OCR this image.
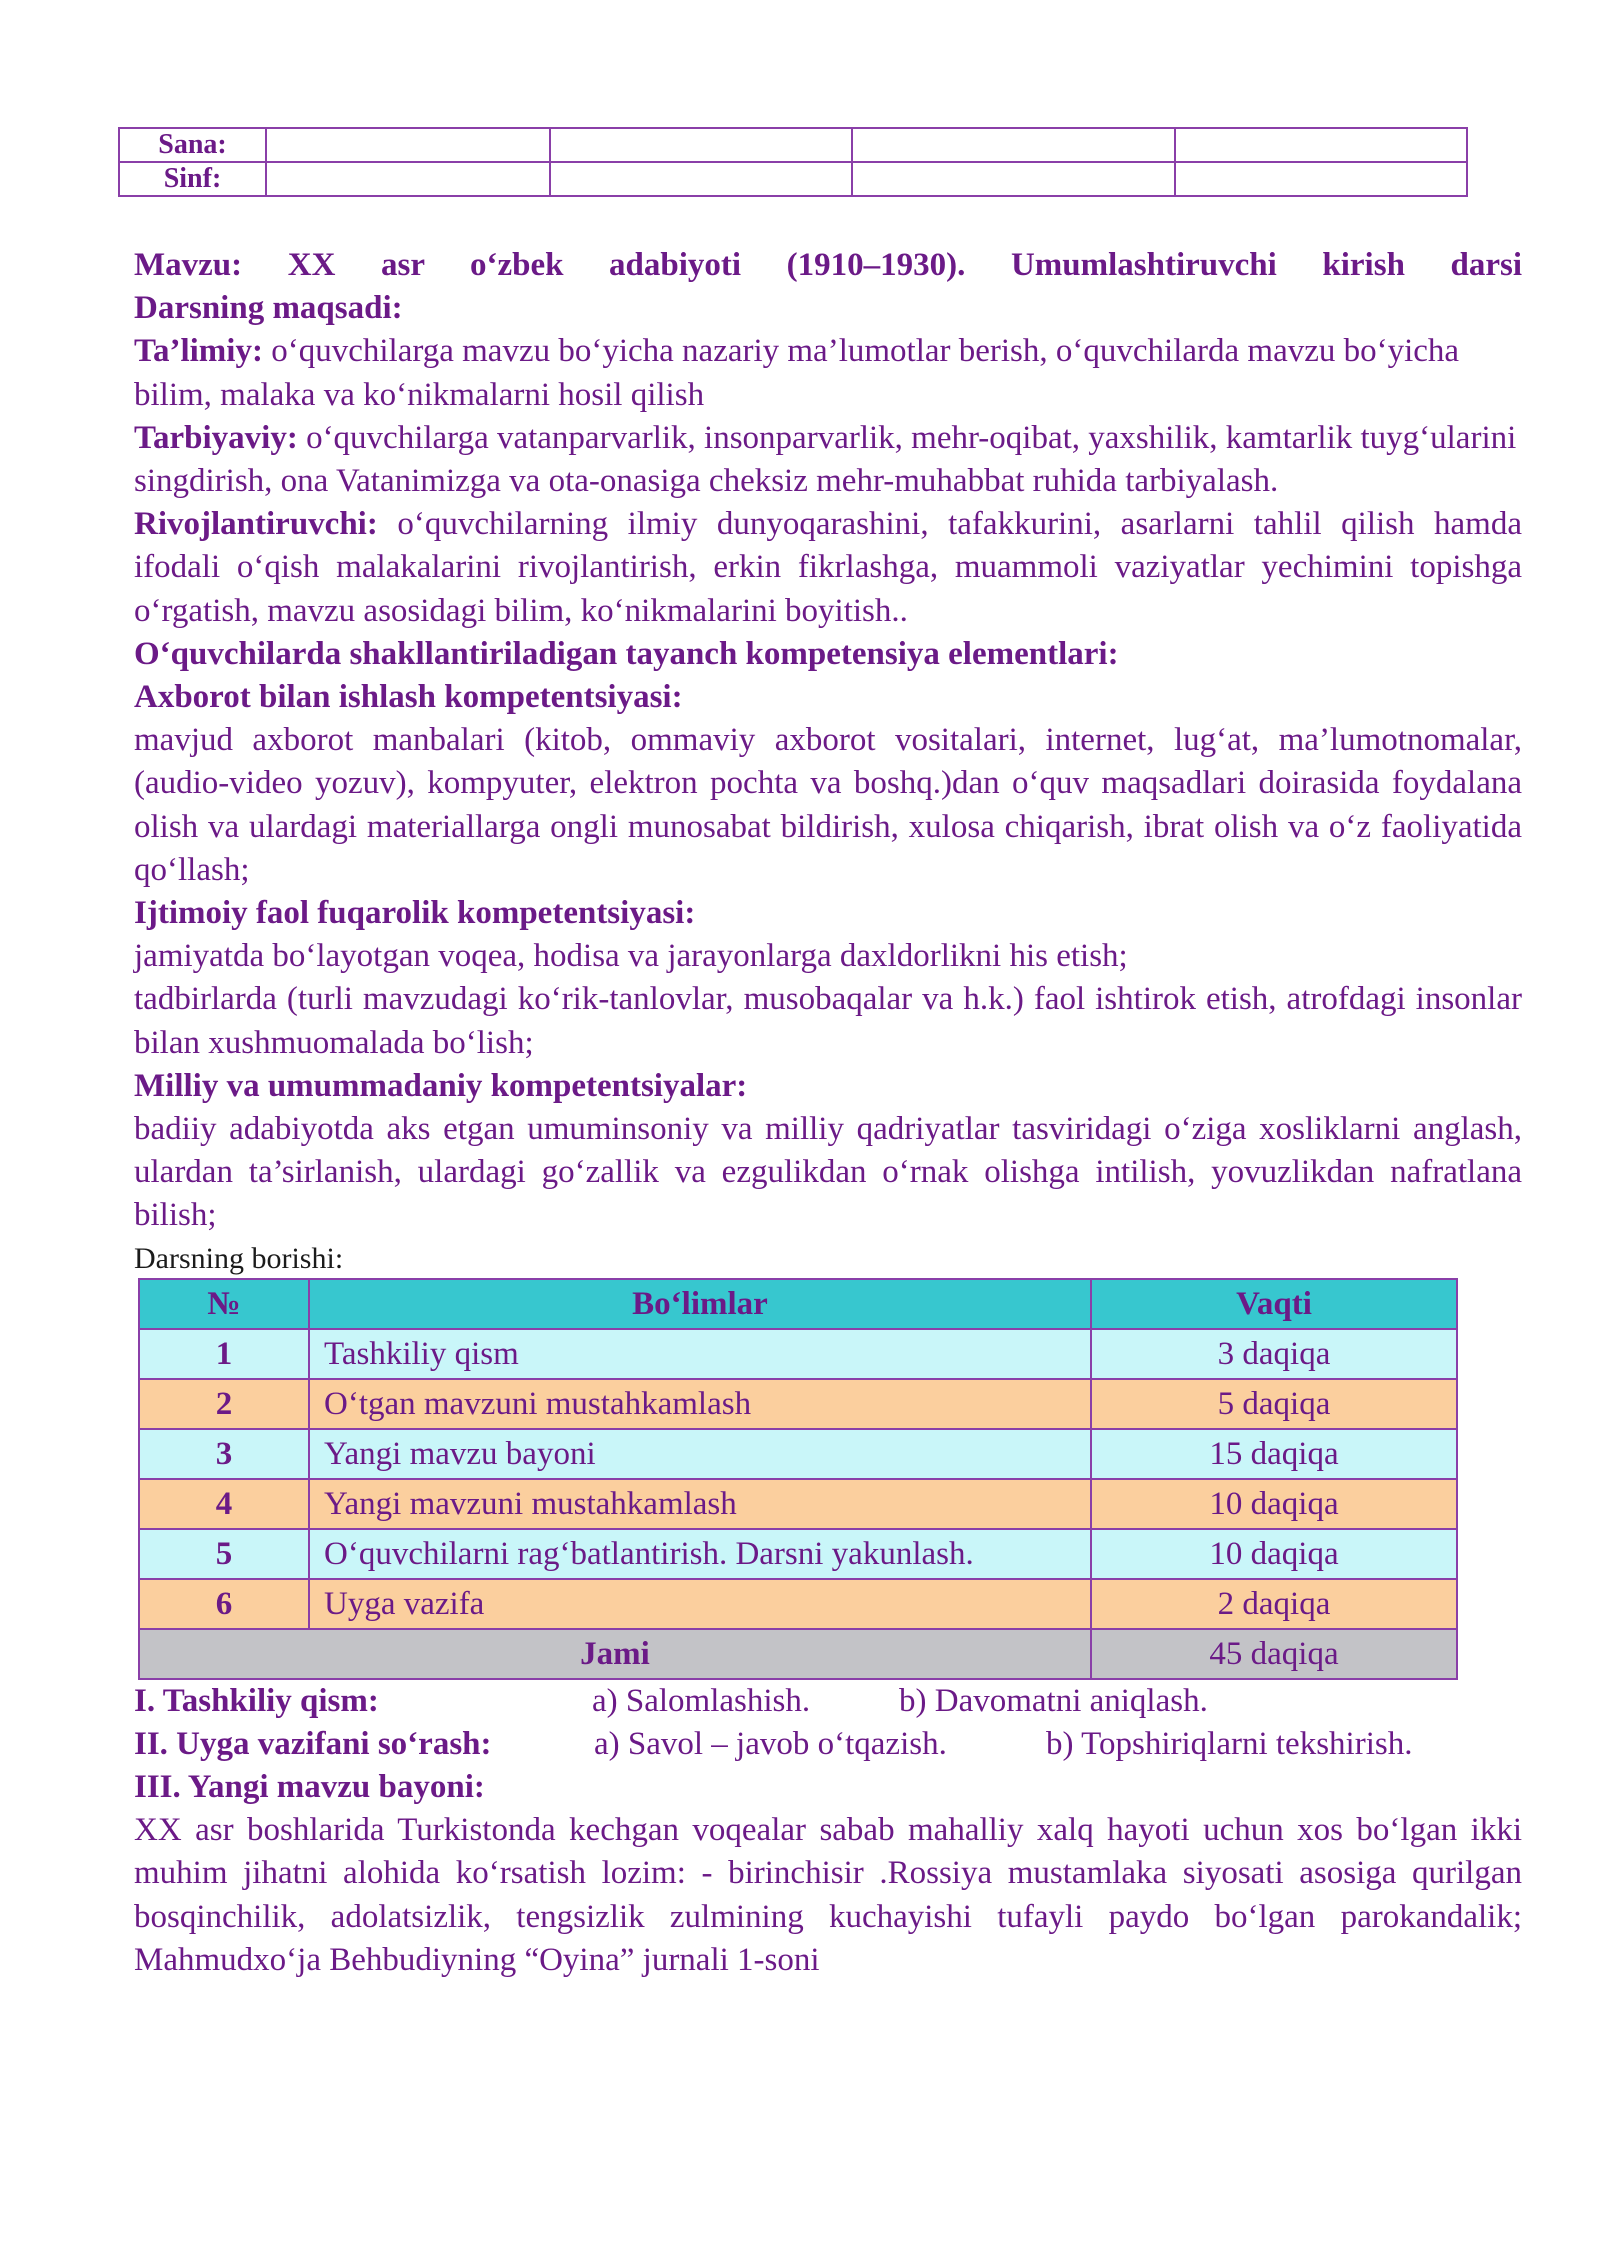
Sana:				
Sinf:				

Mavzu: XX asr o‘zbek adabiyoti (1910–1930). Umumlashtiruvchi kirish darsi

Darsning maqsadi:

Ta’limiy: o‘quvchilarga mavzu bo‘yicha nazariy ma’lumotlar berish, o‘quvchilarda mavzu bo‘yicha bilim, malaka va ko‘nikmalarni hosil qilish

Tarbiyaviy: o‘quvchilarga vatanparvarlik, insonparvarlik, mehr-oqibat, yaxshilik, kamtarlik tuyg‘ularini singdirish, ona Vatanimizga va ota-onasiga cheksiz mehr-muhabbat ruhida tarbiyalash.

Rivojlantiruvchi: o‘quvchilarning ilmiy dunyoqarashini, tafakkurini, asarlarni tahlil qilish hamda ifodali o‘qish malakalarini rivojlantirish, erkin fikrlashga, muammoli vaziyatlar yechimini topishga o‘rgatish, mavzu asosidagi bilim, ko‘nikmalarini boyitish..

O‘quvchilarda shakllantiriladigan tayanch kompetensiya elementlari:

Axborot bilan ishlash kompetentsiyasi:

mavjud axborot manbalari (kitob, ommaviy axborot vositalari, internet, lug‘at, ma’lumotnomalar, (audio-video yozuv), kompyuter, elektron pochta va boshq.)dan o‘quv maqsadlari doirasida foydalana olish va ulardagi materiallarga ongli munosabat bildirish, xulosa chiqarish, ibrat olish va o‘z faoliyatida qo‘llash;

Ijtimoiy faol fuqarolik kompetentsiyasi:

jamiyatda bo‘layotgan voqea, hodisa va jarayonlarga daxldorlikni his etish;

tadbirlarda (turli mavzudagi ko‘rik-tanlovlar, musobaqalar va h.k.) faol ishtirok etish, atrofdagi insonlar bilan xushmuomalada bo‘lish;

Milliy va umummadaniy kompetentsiyalar:

badiiy adabiyotda aks etgan umuminsoniy va milliy qadriyatlar tasviridagi o‘ziga xosliklarni anglash, ulardan ta’sirlanish, ulardagi go‘zallik va ezgulikdan o‘rnak olishga intilish, yovuzlikdan nafratlana bilish;

Darsning borishi:

№	Bo‘limlar	Vaqti
1	Tashkiliy qism	3 daqiqa
2	O‘tgan mavzuni mustahkamlash	5 daqiqa
3	Yangi mavzu bayoni	15 daqiqa
4	Yangi mavzuni mustahkamlash	10 daqiqa
5	O‘quvchilarni rag‘batlantirish. Darsni yakunlash.	10 daqiqa
6	Uyga vazifa	2 daqiqa
Jami		45 daqiqa
I. Tashkiliy qism:	a) Salomlashish.	b) Davomatni aniqlash.
II. Uyga vazifani so‘rash:	a) Savol – javob o‘tqazish.	b) Topshiriqlarni tekshirish.

III. Yangi mavzu bayoni:

XX asr boshlarida Turkistonda kechgan voqealar sabab mahalliy xalq hayoti uchun xos bo‘lgan ikki muhim jihatni alohida ko‘rsatish lozim: - birinchisir .Rossiya mustamlaka siyosati asosiga qurilgan bosqinchilik, adolatsizlik, tengsizlik zulmining kuchayishi tufayli paydo bo‘lgan parokandalik; Mahmudxo‘ja Behbudiyning “Oyina” jurnali 1-soni
